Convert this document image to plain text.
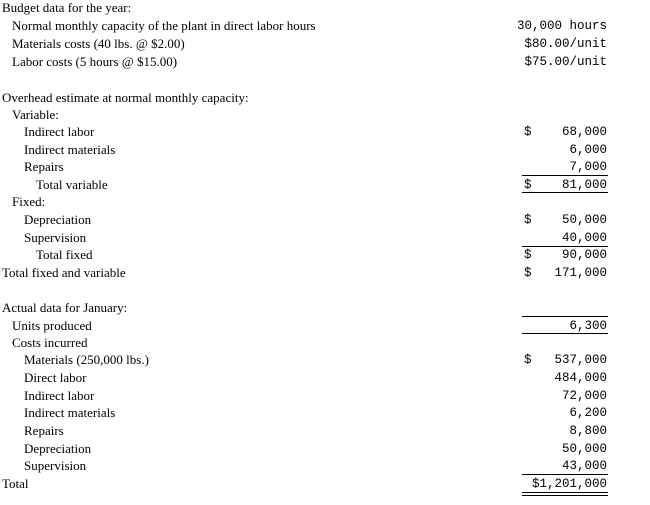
Budget data for the year:
Normal monthly capacity of the plant in direct labor hours	30,000 hours
Materials costs (40 lbs. @ $2.00)	$80.00/unit
Labor costs (5 hours @ $15.00)	$75.00/unit
Overhead estimate at normal monthly capacity:
Variable:
Indirect labor	$ 68,000
Indirect materials	6,000
Repairs	7,000
Total variable	$ 81,000
Fixed:
Depreciation	$ 50,000
Supervision	40,000
Total fixed	$ 90,000
Total fixed and variable	$ 171,000
Actual data for January:
Units produced	6,300
Costs incurred
Materials (250,000 lbs.)	$ 537,000
Direct labor	484,000
Indirect labor	72,000
Indirect materials	6,200
Repairs	8,800
Depreciation	50,000
Supervision	43,000
Total	$1,201,000
